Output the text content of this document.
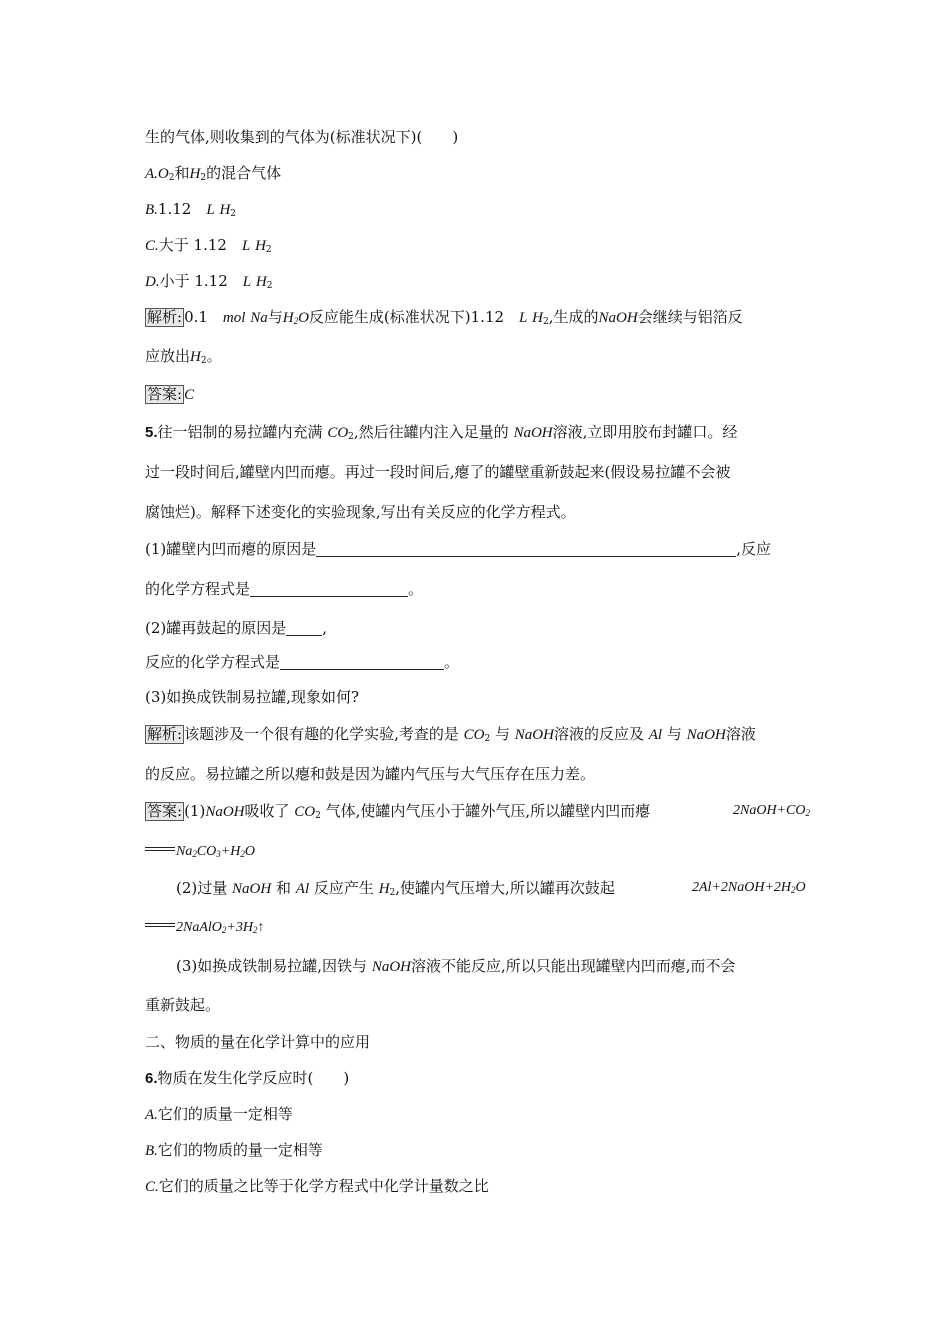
生的气体,则收集到的气体为(标准状况下)(　　)
$A.O_2$和$H_2$的混合气体
B.1.12　L $H_2$
C.大于 1.12　L $H_2$
D.小于 1.12　L $H_2$
解析: 0.1　mol Na与$H_2O$反应能生成(标准状况下)1.12　L $H_2$,生成的NaOH会继续与铝箔反
应放出$H_2$。
答案: C
5.往一铝制的易拉罐内充满 $CO_2$,然后往罐内注入足量的 NaOH溶液,立即用胶布封罐口。经
过一段时间后,罐壁内凹而瘪。再过一段时间后,瘪了的罐壁重新鼓起来(假设易拉罐不会被
腐蚀烂)。解释下述变化的实验现象,写出有关反应的化学方程式。
(1)罐壁内凹而瘪的原因是	,反应
的化学方程式是	。
(2)罐再鼓起的原因是 ,
反应的化学方程式是	。
(3)如换成铁制易拉罐,现象如何?
解析: 该题涉及一个很有趣的化学实验,考查的是 $CO_2$ 与 NaOH溶液的反应及 Al 与 NaOH溶液
的反应。易拉罐之所以瘪和鼓是因为罐内气压与大气压存在压力差。
答案: (1)NaOH吸收了 $CO_2$ 气体,使罐内气压小于罐外气压,所以罐壁内凹而瘪	$2NaOH+CO_2$
$Na_2CO_3+H_2O$
(2)过量 NaOH 和 Al 反应产生 $H_2$,使罐内气压增大,所以罐再次鼓起	$2Al+2NaOH+2H_2O$
$2NaAlO_2+3H_2↑$
(3)如换成铁制易拉罐,因铁与 NaOH溶液不能反应,所以只能出现罐壁内凹而瘪,而不会
重新鼓起。
二、物质的量在化学计算中的应用
6.物质在发生化学反应时(　　)
A.它们的质量一定相等
B.它们的物质的量一定相等
C.它们的质量之比等于化学方程式中化学计量数之比
